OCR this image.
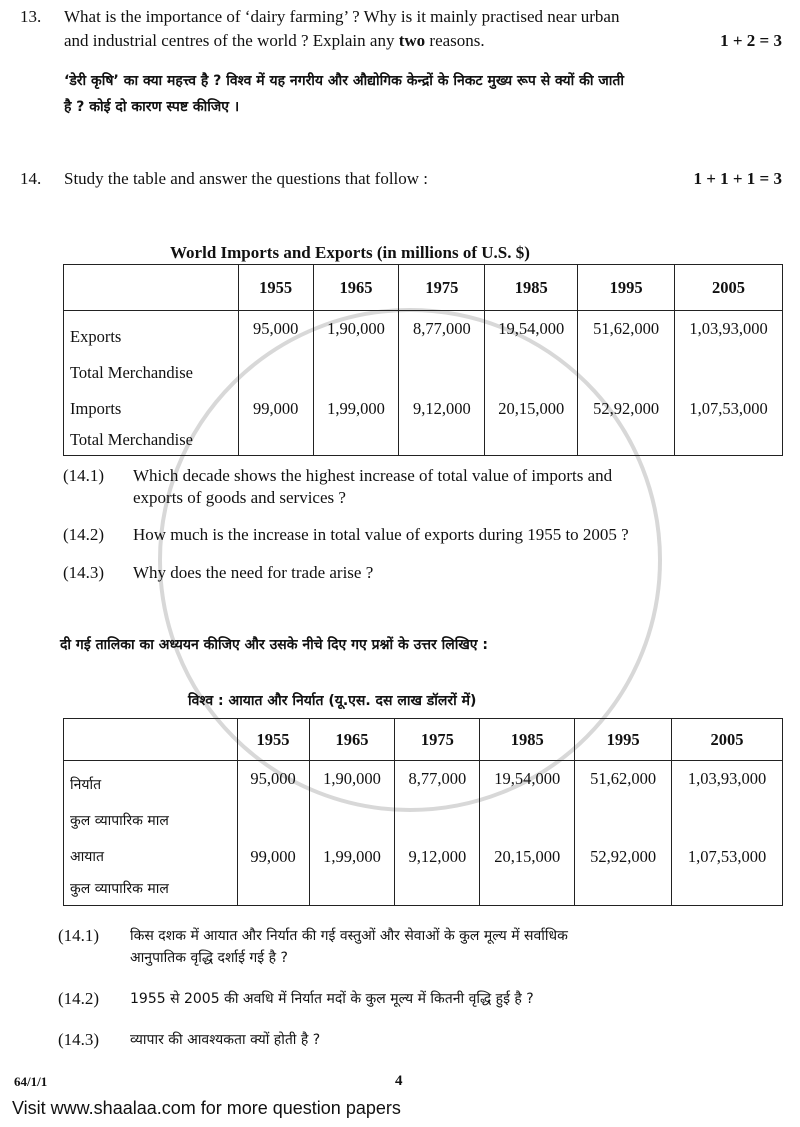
13. What is the importance of ‘dairy farming’ ? Why is it mainly practised near urban
and industrial centres of the world ? Explain any two reasons.	1 + 2 = 3
‘डेरी कृषि’ का क्या महत्त्व है ? विश्व में यह नगरीय और औद्योगिक केन्द्रों के निकट मुख्य रूप से क्यों की जाती
है ? कोई दो कारण स्पष्ट कीजिए ।
14. Study the table and answer the questions that follow :	1 + 1 + 1 = 3
World Imports and Exports (in millions of U.S. $)
	1955	1965	1975	1985	1995	2005

Exports
Total Merchandise	95,000	1,90,000	8,77,000	19,54,000	51,62,000	1,03,93,000

Imports
Total Merchandise	99,000	1,99,000	9,12,000	20,15,000	52,92,000	1,07,53,000
(14.1)	Which decade shows the highest increase of total value of imports and
exports of goods and services ?
(14.2)	How much is the increase in total value of exports during 1955 to 2005 ?
(14.3)	Why does the need for trade arise ?
दी गई तालिका का अध्ययन कीजिए और उसके नीचे दिए गए प्रश्नों के उत्तर लिखिए :
विश्व : आयात और निर्यात (यू.एस. दस लाख डॉलरों में)
	1955	1965	1975	1985	1995	2005

निर्यात
कुल व्यापारिक माल	95,000	1,90,000	8,77,000	19,54,000	51,62,000	1,03,93,000

आयात
कुल व्यापारिक माल	99,000	1,99,000	9,12,000	20,15,000	52,92,000	1,07,53,000
(14.1)	किस दशक में आयात और निर्यात की गई वस्तुओं और सेवाओं के कुल मूल्य में सर्वाधिक
आनुपातिक वृद्धि दर्शाई गई है ?
(14.2)	1955 से 2005 की अवधि में निर्यात मदों के कुल मूल्य में कितनी वृद्धि हुई है ?
(14.3)	व्यापार की आवश्यकता क्यों होती है ?
64/1/1	4
Visit www.shaalaa.com for more question papers
